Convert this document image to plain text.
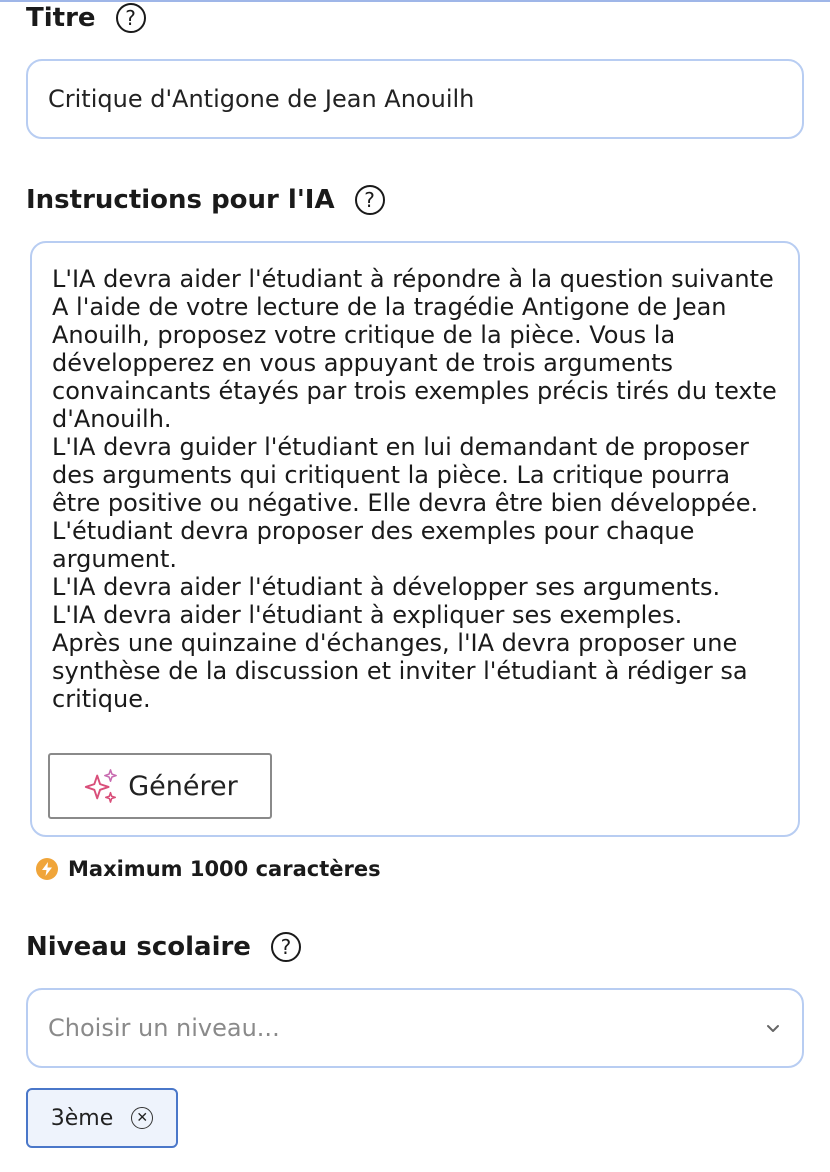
Titre	?
Critique d'Antigone de Jean Anouilh
Instructions pour l'IA	?
L'IA devra aider l'étudiant à répondre à la question suivante A l'aide de votre lecture de la tragédie Antigone de Jean Anouilh, proposez votre critique de la pièce. Vous la développerez en vous appuyant de trois arguments convaincants étayés par trois exemples précis tirés du texte d'Anouilh.
L'IA devra guider l'étudiant en lui demandant de proposer des arguments qui critiquent la pièce. La critique pourra être positive ou négative. Elle devra être bien développée.
L'étudiant devra proposer des exemples pour chaque argument.
L'IA devra aider l'étudiant à développer ses arguments.
L'IA devra aider l'étudiant à expliquer ses exemples.
Après une quinzaine d'échanges, l'IA devra proposer une synthèse de la discussion et inviter l'étudiant à rédiger sa critique.
Générer
Maximum 1000 caractères
Niveau scolaire	?
Choisir un niveau...
3ème	✕
